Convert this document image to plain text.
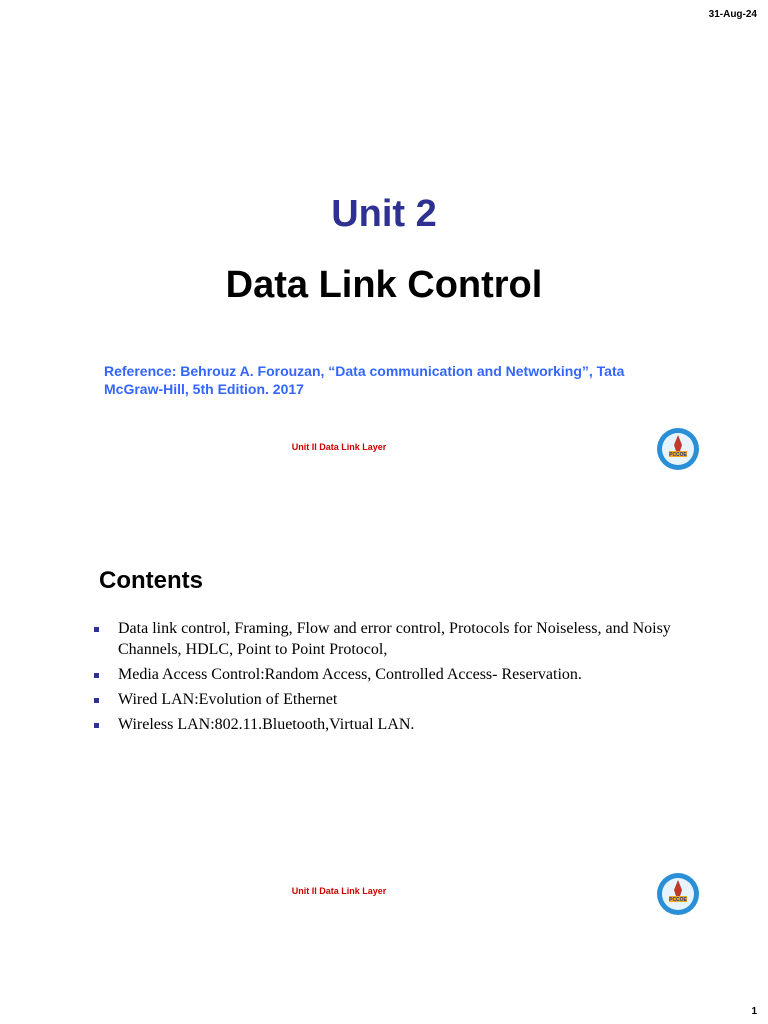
31-Aug-24
Unit 2
Data Link Control
Reference: Behrouz A. Forouzan, “Data communication and Networking”, Tata McGraw-Hill, 5th Edition. 2017
Unit II Data Link Layer
PCCOE
Contents
Data link control, Framing, Flow and error control, Protocols for Noiseless, and Noisy Channels, HDLC, Point to Point Protocol,
Media Access Control:Random Access, Controlled Access- Reservation.
Wired LAN:Evolution of Ethernet
Wireless LAN:802.11.Bluetooth,Virtual LAN.
Unit II Data Link Layer
PCCOE
1
